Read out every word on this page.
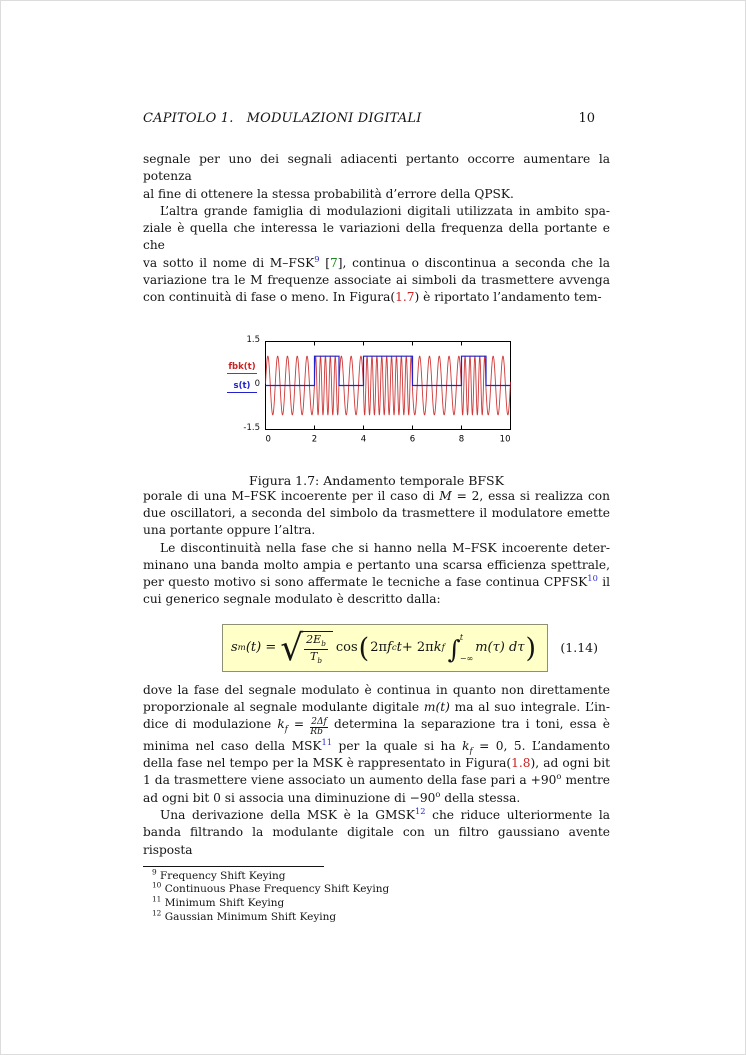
CAPITOLO 1.   MODULAZIONI DIGITALI	10
segnale per uno dei segnali adiacenti pertanto occorre aumentare la potenza
al fine di ottenere la stessa probabilità d’errore della QPSK.
L’altra grande famiglia di modulazioni digitali utilizzata in ambito spa-
ziale è quella che interessa le variazioni della frequenza della portante e che
va sotto il nome di M–FSK$^9$ [7], continua o discontinua a seconda che la
variazione tra le M frequenze associate ai simboli da trasmettere avvenga
con continuità di fase o meno. In Figura(1.7) è riportato l’andamento tem-
1.5
0
-1.5
fbk(t)
s(t)
0	2	4	6	8	10
Figura 1.7: Andamento temporale BFSK
porale di una M–FSK incoerente per il caso di M = 2, essa si realizza con
due oscillatori, a seconda del simbolo da trasmettere il modulatore emette
una portante oppure l’altra.
Le discontinuità nella fase che si hanno nella M–FSK incoerente deter-
minano una banda molto ampia e pertanto una scarsa efficienza spettrale,
per questo motivo si sono affermate le tecniche a fase continua CPFSK$^{10}$ il
cui generico segnale modulato è descritto dalla:
s m (t) = √ $\frac{2E_b}{T_b}$ cos ( 2π f c t + 2π k f ∫ t
−∞
m(τ) dτ ) (1.14)
dove la fase del segnale modulato è continua in quanto non direttamente
proporzionale al segnale modulante digitale m(t) ma al suo integrale. L’in-
dice di modulazione $k_f = \frac{2\Delta f}{Rb}$ determina la separazione tra i toni, essa è
minima nel caso della MSK$^{11}$ per la quale si ha $k_f = 0$, 5. L’andamento
della fase nel tempo per la MSK è rappresentato in Figura(1.8), ad ogni bit
1 da trasmettere viene associato un aumento della fase pari $a +90^o$ mentre
ad ogni bit 0 si associa una diminuzione di $-90^o$ della stessa.
Una derivazione della MSK è la GMSK$^{12}$ che riduce ulteriormente la
banda filtrando la modulante digitale con un filtro gaussiano avente risposta
$^9$ Frequency Shift Keying
$^{10}$ Continuous Phase Frequency Shift Keying
$^{11}$ Minimum Shift Keying
$^{12}$ Gaussian Minimum Shift Keying
